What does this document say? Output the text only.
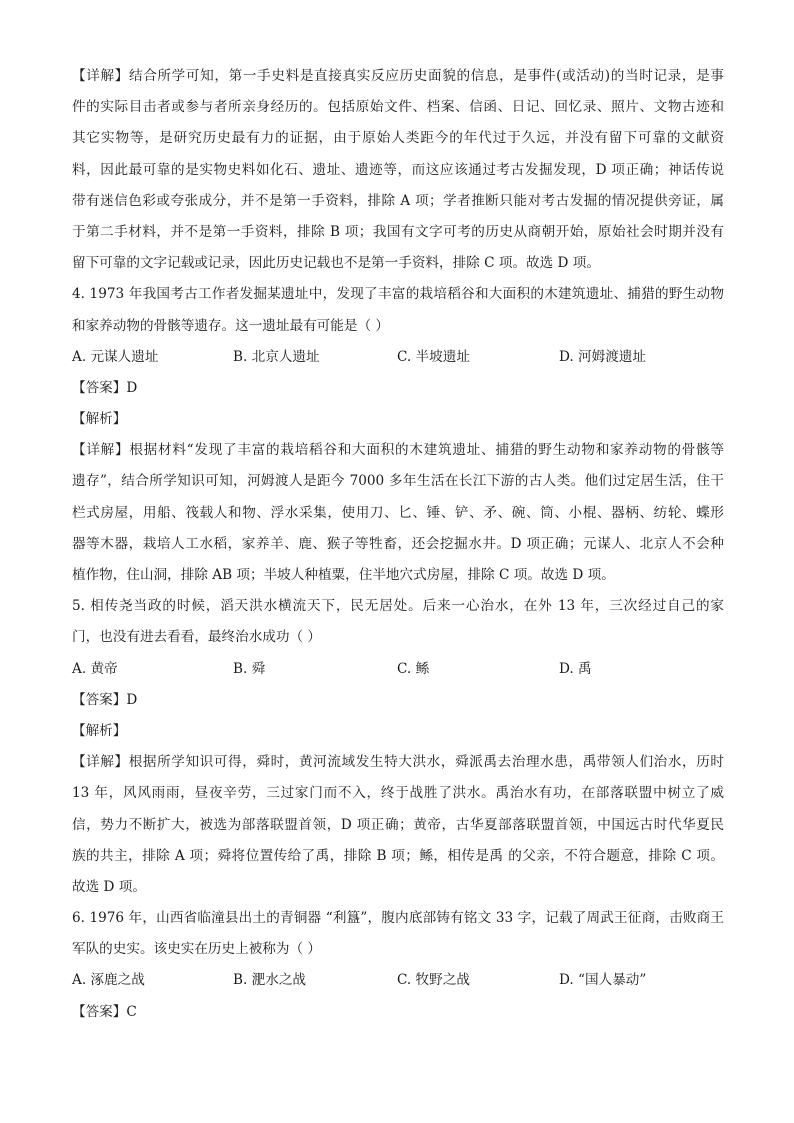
【详解】结合所学可知，第一手史料是直接真实反应历史面貌的信息，是事件(或活动)的当时记录，是事
件的实际目击者或参与者所亲身经历的。包括原始文件、档案、信函、日记、回忆录、照片、文物古迹和
其它实物等，是研究历史最有力的证据，由于原始人类距今的年代过于久远，并没有留下可靠的文献资
料，因此最可靠的是实物史料如化石、遗址、遗迹等，而这应该通过考古发掘发现，D 项正确；神话传说
带有迷信色彩或夸张成分，并不是第一手资料，排除 A 项；学者推断只能对考古发掘的情况提供旁证，属
于第二手材料，并不是第一手资料，排除 B 项；我国有文字可考的历史从商朝开始，原始社会时期并没有
留下可靠的文字记载或记录，因此历史记载也不是第一手资料，排除 C 项。故选 D 项。
4. 1973 年我国考古工作者发掘某遗址中，发现了丰富的栽培稻谷和大面积的木建筑遗址、捕猎的野生动物
和家养动物的骨骸等遗存。这一遗址最有可能是（ ）
A. 元谋人遗址	B. 北京人遗址	C. 半坡遗址	D. 河姆渡遗址
【答案】D
【解析】
【详解】根据材料“发现了丰富的栽培稻谷和大面积的木建筑遗址、捕猎的野生动物和家养动物的骨骸等
遗存”，结合所学知识可知，河姆渡人是距今 7000 多年生活在长江下游的古人类。他们过定居生活，住干
栏式房屋，用船、筏载人和物、浮水采集，使用刀、匕、锤、铲、矛、碗、筒、小棍、器柄、纺轮、蝶形
器等木器，栽培人工水稻，家养羊、鹿、猴子等牲畜，还会挖掘水井。D 项正确；元谋人、北京人不会种
植作物，住山洞，排除 AB 项；半坡人种植粟，住半地穴式房屋，排除 C 项。故选 D 项。
5. 相传尧当政的时候，滔天洪水横流天下，民无居处。后来一心治水，在外 13 年，三次经过自己的家
门，也没有进去看看，最终治水成功（ ）
A. 黄帝	B. 舜	C. 鲧	D. 禹
【答案】D
【解析】
【详解】根据所学知识可得，舜时，黄河流域发生特大洪水，舜派禹去治理水患，禹带领人们治水，历时
13 年，风风雨雨，昼夜辛劳，三过家门而不入，终于战胜了洪水。禹治水有功，在部落联盟中树立了威
信，势力不断扩大，被选为部落联盟首领，D 项正确；黄帝，古华夏部落联盟首领，中国远古时代华夏民
族的共主，排除 A 项；舜将位置传给了禹，排除 B 项；鲧，相传是禹 的父亲，不符合题意，排除 C 项。
故选 D 项。
6. 1976 年，山西省临潼县出土的青铜器 “利簋”，腹内底部铸有铭文 33 字，记载了周武王征商，击败商王
军队的史实。该史实在历史上被称为（ ）
A. 涿鹿之战	B. 淝水之战	C. 牧野之战	D. “国人暴动”
【答案】C
